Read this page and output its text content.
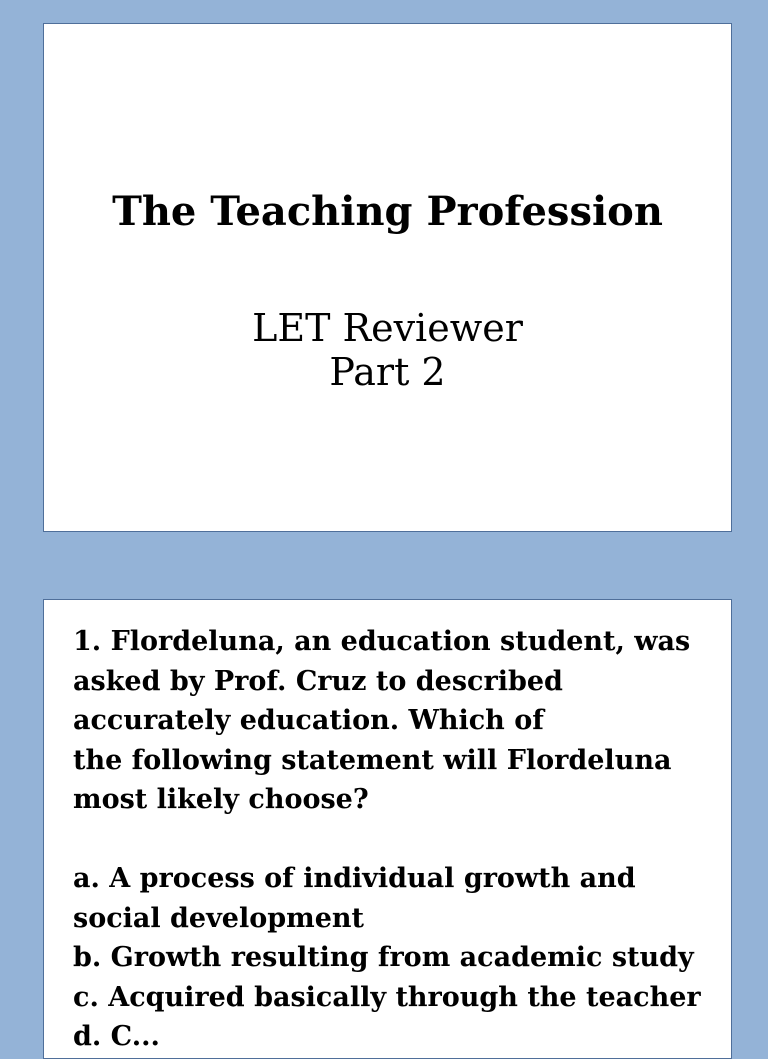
The Teaching Profession
LET Reviewer
Part 2
1. Flordeluna, an education student, was
asked by Prof. Cruz to described
accurately education. Which of
the following statement will Flordeluna
most likely choose?
a. A process of individual growth and
social development
b. Growth resulting from academic study
c. Acquired basically through the teacher
d. C...
